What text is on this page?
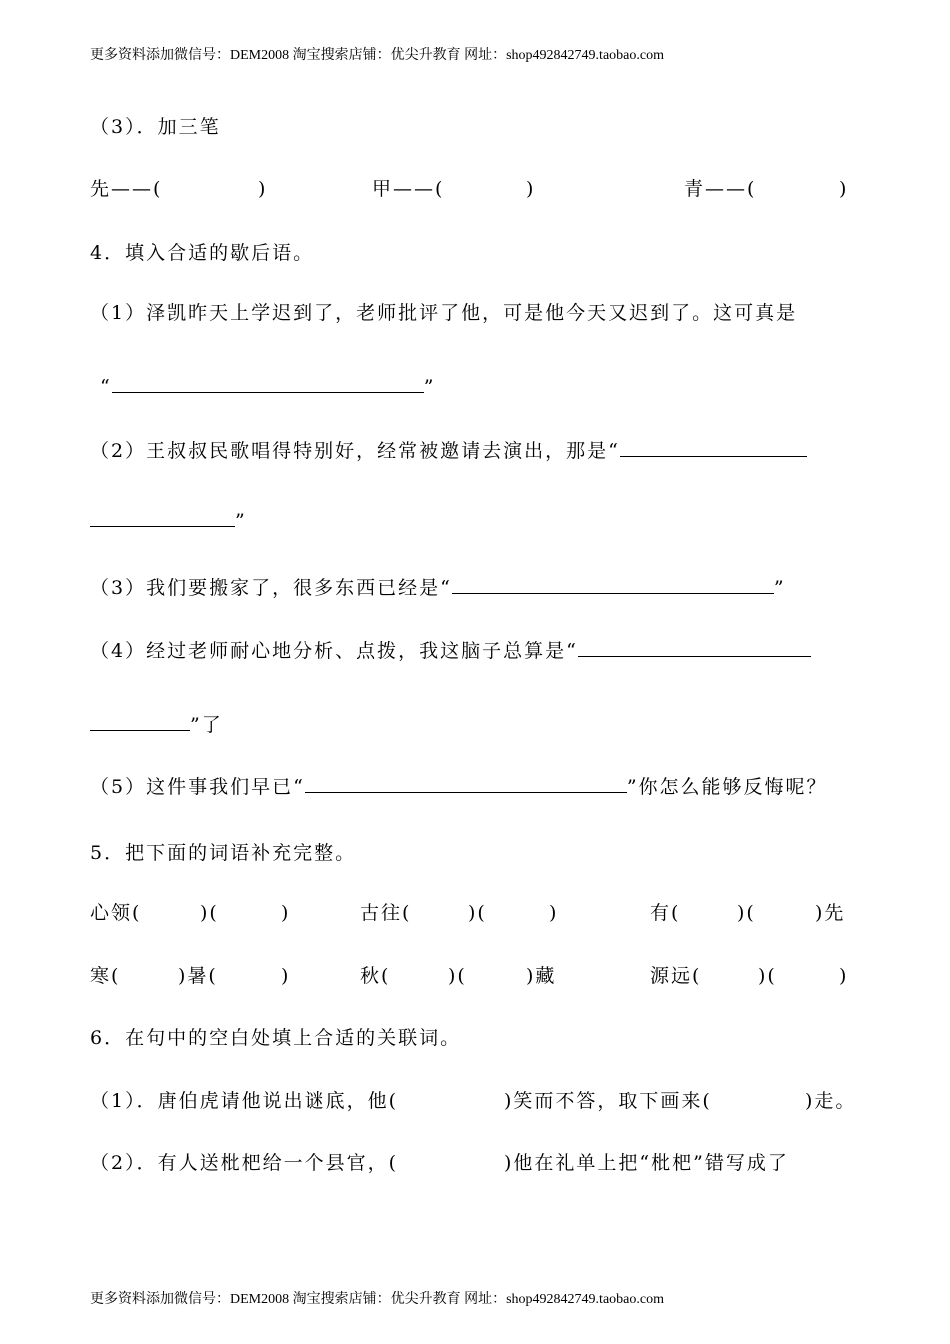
更多资料添加微信号：DEM2008 淘宝搜索店铺：优尖升教育 网址：shop492842749.taobao.com
（3）．加三笔
先——(	)	甲——(	)	青——(	)
4．填入合适的歇后语。
（1）泽凯昨天上学迟到了，老师批评了他，可是他今天又迟到了。这可真是
“	”
（2）王叔叔民歌唱得特别好，经常被邀请去演出，那是“
”
（3）我们要搬家了，很多东西已经是“	”
（4）经过老师耐心地分析、点拨，我这脑子总算是“
”了
（5）这件事我们早已“	”你怎么能够反悔呢？
5．把下面的词语补充完整。
心领(	)(	)	古往(	)(	)	有(	)(	)先
寒(	)暑(	)	秋(	)(	)藏	源远(	)(	)
6．在句中的空白处填上合适的关联词。
（1）．唐伯虎请他说出谜底，他(	)笑而不答，取下画来(	)走。
（2）．有人送枇杷给一个县官，(	)他在礼单上把“枇杷”错写成了
更多资料添加微信号：DEM2008 淘宝搜索店铺：优尖升教育 网址：shop492842749.taobao.com
